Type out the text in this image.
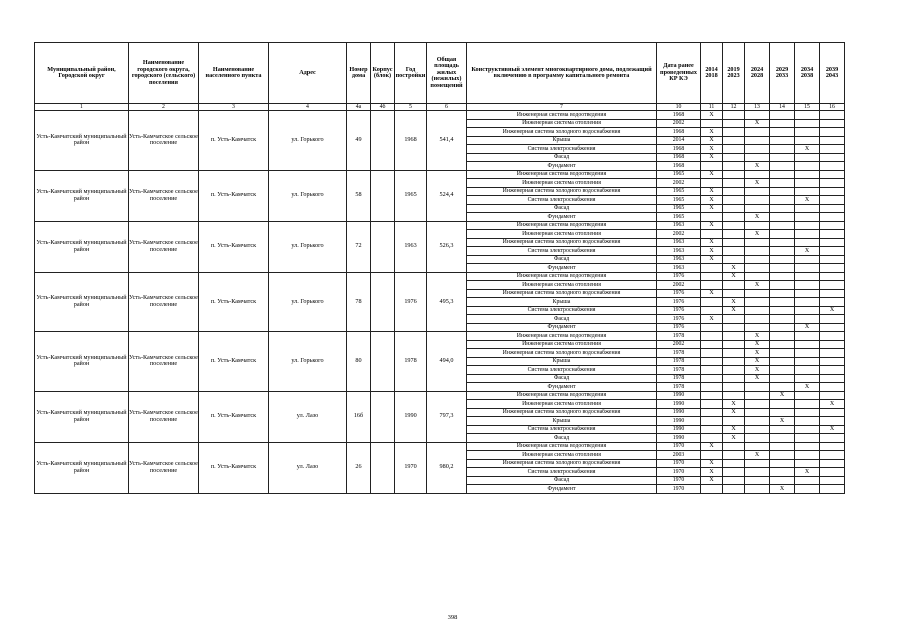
Муниципальный район, Городской округ	Наименование городского округа, городского (сельского) поселения	Наименование населенного пункта	Адрес	Номер дома	Корпус (блок)	Год постройки	Общая площадь жилых (нежилых) помещений	Конструктивный элемент многоквартирного дома, подлежащий включению в программу капитального ремонта	Дата ранее проведенных КР КЭ	2014 2018	2019 2023	2024 2028	2029 2033	2034 2038	2039 2043
1	2	3	4	4а	4б	5	6	7	10	11	12	13	14	15	16
Усть-Камчатский муниципальный район	Усть-Камчатское сельское поселение	п. Усть-Камчатск	ул. Горького	49		1968	541,4	Инженерная система водоотведения	1968	X					
								Инженерная система отопления	2002			X			
								Инженерная система холодного водоснабжения	1968	X					
								Крыша	2014	X					
								Система электроснабжения	1968	X				X	
								Фасад	1968	X					
								Фундамент	1968			X			
Усть-Камчатский муниципальный район	Усть-Камчатское сельское поселение	п. Усть-Камчатск	ул. Горького	58		1965	524,4	Инженерная система водоотведения	1965	X					
								Инженерная система отопления	2002			X			
								Инженерная система холодного водоснабжения	1965	X					
								Система электроснабжения	1965	X				X	
								Фасад	1965	X					
								Фундамент	1965			X			
Усть-Камчатский муниципальный район	Усть-Камчатское сельское поселение	п. Усть-Камчатск	ул. Горького	72		1963	526,3	Инженерная система водоотведения	1963	X					
								Инженерная система отопления	2002			X			
								Инженерная система холодного водоснабжения	1963	X					
								Система электроснабжения	1963	X				X	
								Фасад	1963	X					
								Фундамент	1963		X				
Усть-Камчатский муниципальный район	Усть-Камчатское сельское поселение	п. Усть-Камчатск	ул. Горького	78		1976	495,3	Инженерная система водоотведения	1976		X				
								Инженерная система отопления	2002			X			
								Инженерная система холодного водоснабжения	1976	X					
								Крыша	1976		X				
								Система электроснабжения	1976		X				X
								Фасад	1976	X					
								Фундамент	1976					X	
Усть-Камчатский муниципальный район	Усть-Камчатское сельское поселение	п. Усть-Камчатск	ул. Горького	80		1978	494,0	Инженерная система водоотведения	1978			X			
								Инженерная система отопления	2002			X			
								Инженерная система холодного водоснабжения	1978			X			
								Крыша	1978			X			
								Система электроснабжения	1978			X			
								Фасад	1978			X			
								Фундамент	1978					X	
Усть-Камчатский муниципальный район	Усть-Камчатское сельское поселение	п. Усть-Камчатск	ул. Лазо	16б		1990	797,3	Инженерная система водоотведения	1990				X		
								Инженерная система отопления	1990		X				X
								Инженерная система холодного водоснабжения	1990		X				
								Крыша	1990				X		
								Система электроснабжения	1990		X				X
								Фасад	1990		X				
Усть-Камчатский муниципальный район	Усть-Камчатское сельское поселение	п. Усть-Камчатск	ул. Лазо	26		1970	980,2	Инженерная система водоотведения	1970	X					
								Инженерная система отопления	2003			X			
								Инженерная система холодного водоснабжения	1970	X					
								Система электроснабжения	1970	X				X	
								Фасад	1970	X					
								Фундамент	1970				X		
398
